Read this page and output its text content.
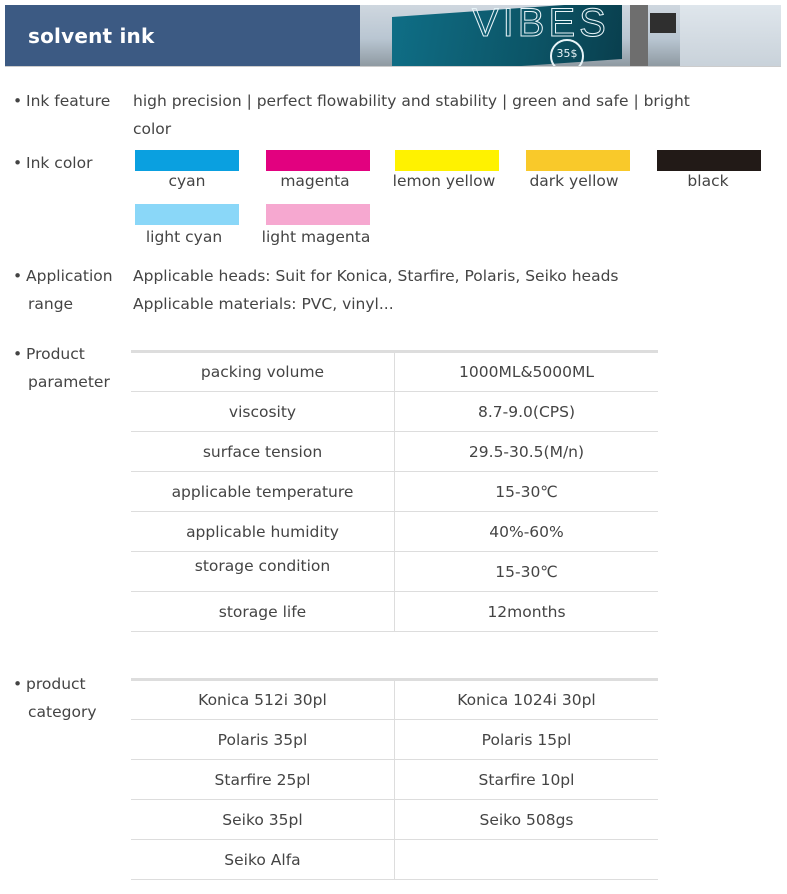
solvent ink	VIBES
35$
• Ink feature high precision | perfect flowability and stability | green and safe | bright
color
• Ink color
cyan	magenta	lemon yellow	dark yellow	black
light cyan	light magenta
• Application
range
Applicable heads: Suit for Konica, Starfire, Polaris, Seiko heads
Applicable materials: PVC, vinyl...
• Product
parameter
packing volume	1000ML&5000ML
viscosity	8.7-9.0(CPS)
surface tension	29.5-30.5(M/n)
applicable temperature	15-30℃
applicable humidity	40%-60%
storage condition	15-30℃
storage life	12months
• product
category
Konica 512i 30pl	Konica 1024i 30pl
Polaris 35pl	Polaris 15pl
Starfire 25pl	Starfire 10pl
Seiko 35pl	Seiko 508gs
Seiko Alfa	
